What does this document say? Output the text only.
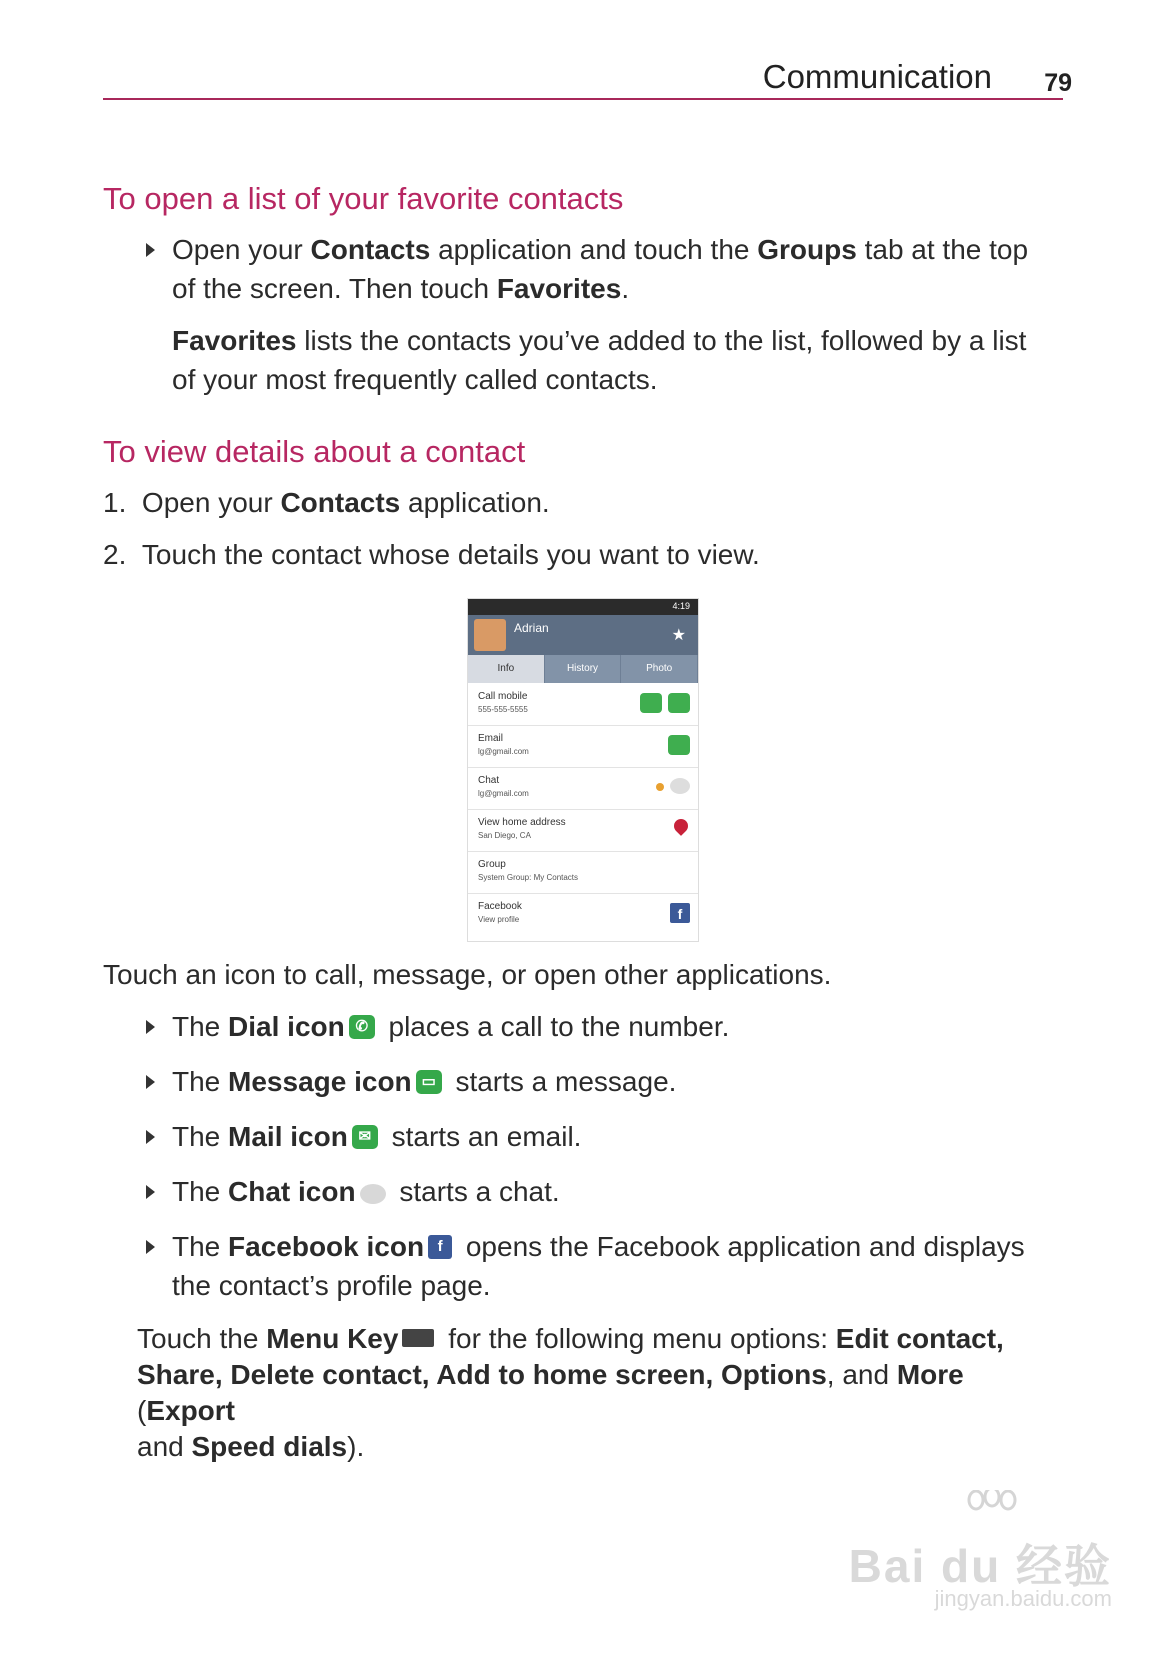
Communication 79
To open a list of your favorite contacts
Open your Contacts application and touch the Groups tab at the top
of the screen. Then touch Favorites.
Favorites lists the contacts you’ve added to the list, followed by a list
of your most frequently called contacts.
To view details about a contact
1. Open your Contacts application.
2. Touch the contact whose details you want to view.
4:19
Adrian	★
Info	History	Photo
Call mobile
555-555-5555
Email
lg@gmail.com
Chat
lg@gmail.com
View home address
San Diego, CA
Group
System Group: My Contacts
Facebook
View profile	f
Touch an icon to call, message, or open other applications.
The Dial icon ✆ places a call to the number.
The Message icon ▭ starts a message.
The Mail icon ✉ starts an email.
The Chat icon starts a chat.
The Facebook icon f opens the Facebook application and displays
the contact’s profile page.
Touch the Menu Key for the following menu options: Edit contact,
Share, Delete contact, Add to home screen, Options, and More (Export
and Speed dials).
Bai du 经验
jingyan.baidu.com
